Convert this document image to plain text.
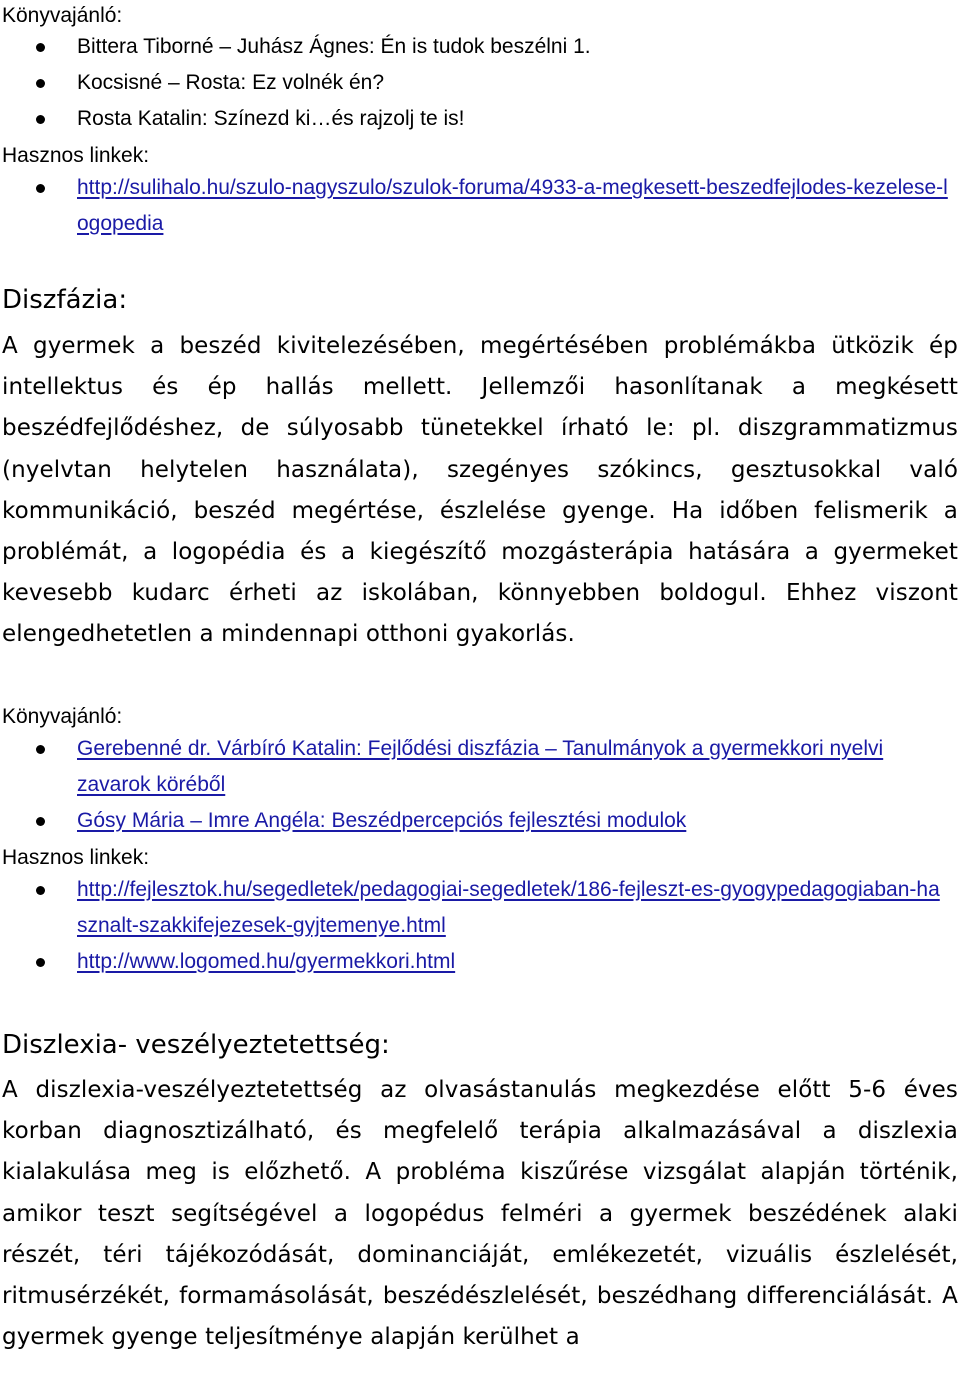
Könyvajánló:
Bittera Tiborné – Juhász Ágnes: Én is tudok beszélni 1.
Kocsisné – Rosta: Ez volnék én?
Rosta Katalin: Színezd ki…és rajzolj te is!
Hasznos linkek:
http://sulihalo.hu/szulo-nagyszulo/szulok-foruma/4933-a-megkesett-beszedfejlodes-kezelese-logopedia
Diszfázia:
A gyermek a beszéd kivitelezésében, megértésében problémákba ütközik ép intellektus és ép hallás mellett. Jellemzői hasonlítanak a megkésett beszédfejlődéshez, de súlyosabb tünetekkel írható le: pl. diszgrammatizmus (nyelvtan helytelen használata), szegényes szókincs, gesztusokkal való kommunikáció, beszéd megértése, észlelése gyenge. Ha időben felismerik a problémát, a logopédia és a kiegészítő mozgásterápia hatására a gyermeket kevesebb kudarc érheti az iskolában, könnyebben boldogul. Ehhez viszont elengedhetetlen a mindennapi otthoni gyakorlás.
Könyvajánló:
Gerebenné dr. Várbíró Katalin: Fejlődési diszfázia – Tanulmányok a gyermekkori nyelvi zavarok köréből
Gósy Mária – Imre Angéla: Beszédpercepciós fejlesztési modulok
Hasznos linkek:
http://fejlesztok.hu/segedletek/pedagogiai-segedletek/186-fejleszt-es-gyogypedagogiaban-hasznalt-szakkifejezesek-gyjtemenye.html
http://www.logomed.hu/gyermekkori.html
Diszlexia- veszélyeztetettség:
A diszlexia-veszélyeztetettség az olvasástanulás megkezdése előtt 5-6 éves korban diagnosztizálható, és megfelelő terápia alkalmazásával a diszlexia kialakulása meg is előzhető. A probléma kiszűrése vizsgálat alapján történik, amikor teszt segítségével a logopédus felméri a gyermek beszédének alaki részét, téri tájékozódását, dominanciáját, emlékezetét, vizuális észlelését, ritmusérzékét, formamásolását, beszédészlelését, beszédhang differenciálását. A gyermek gyenge teljesítménye alapján kerülhet a
